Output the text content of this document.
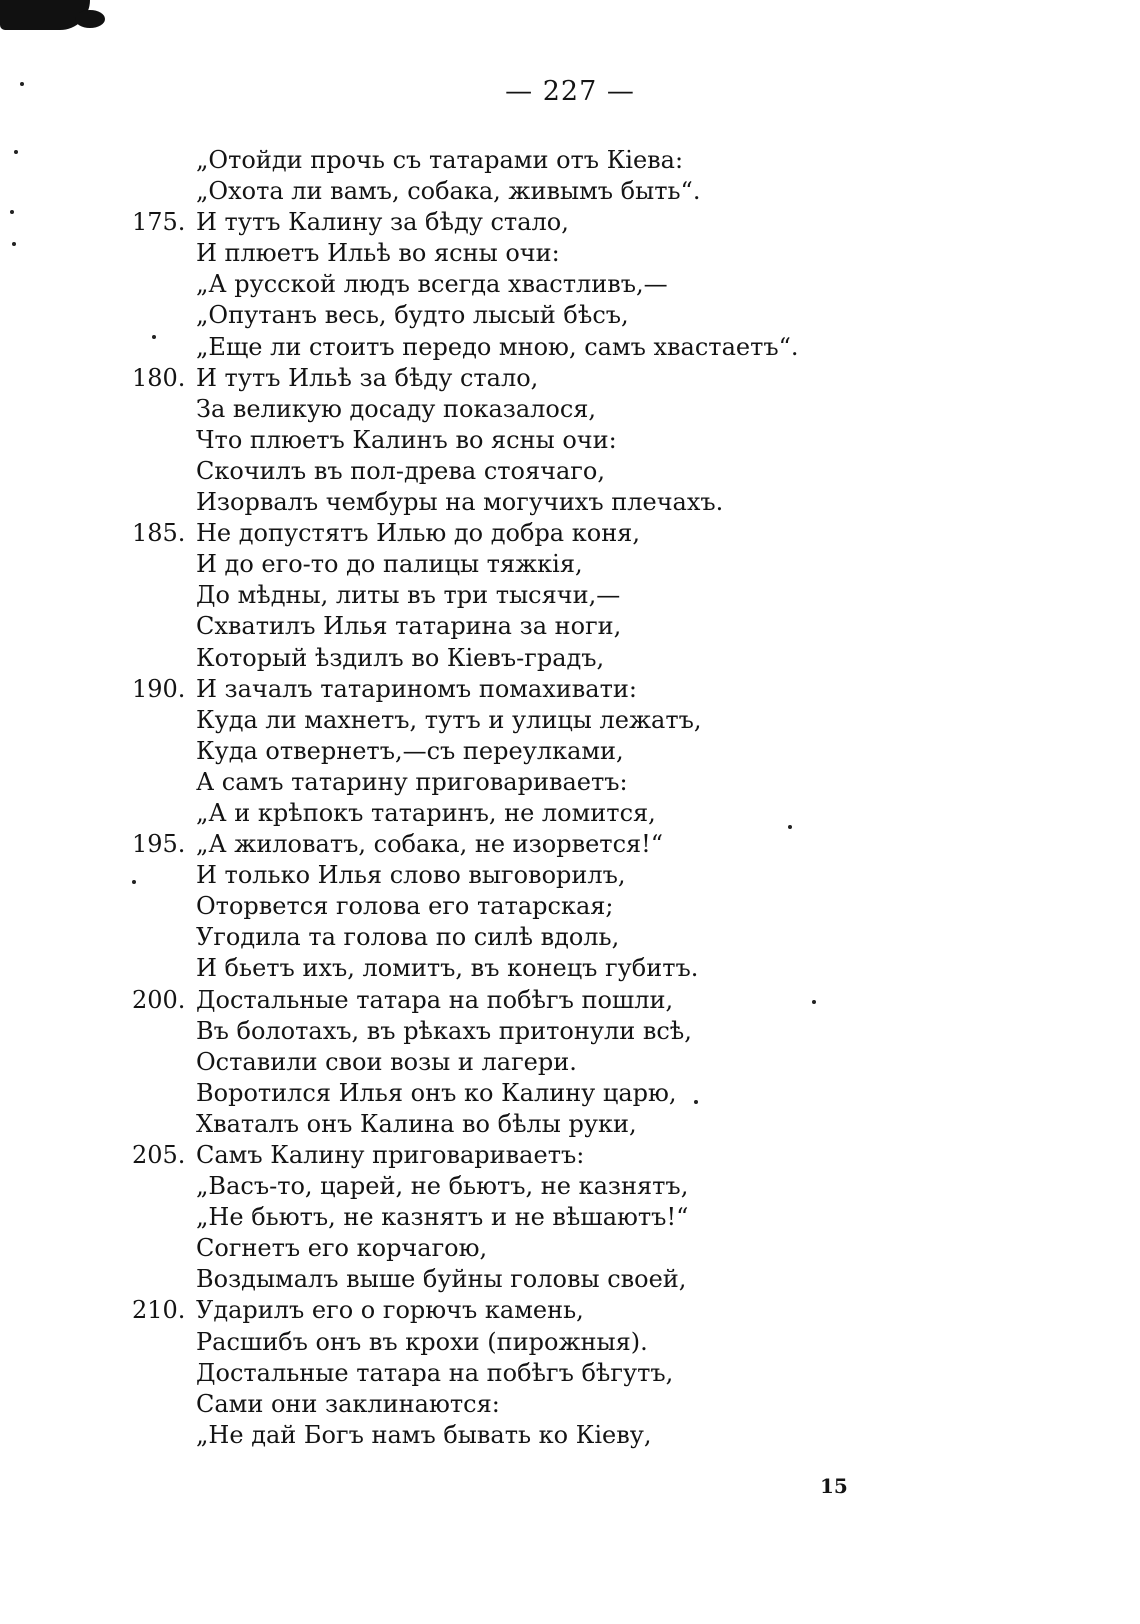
— 227 —
„Отойди прочь съ татарами отъ Кіева:
„Охота ли вамъ, собака, живымъ быть“.
175. И тутъ Калину за бѣду стало,
И плюетъ Ильѣ во ясны очи:
„А русской людъ всегда хвастливъ,—
„Опутанъ весь, будто лысый бѣсъ,
„Еще ли стоитъ передо мною, самъ хвастаетъ“.
180. И тутъ Ильѣ за бѣду стало,
За великую досаду показалося,
Что плюетъ Калинъ во ясны очи:
Скочилъ въ пол-древа стоячаго,
Изорвалъ чембуры на могучихъ плечахъ.
185. Не допустятъ Илью до добра коня,
И до его-то до палицы тяжкія,
До мѣдны, литы въ три тысячи,—
Схватилъ Илья татарина за ноги,
Который ѣздилъ во Кіевъ-градъ,
190. И зачалъ татариномъ помахивати:
Куда ли махнетъ, тутъ и улицы лежатъ,
Куда отвернетъ,—съ переулками,
А самъ татарину приговариваетъ:
„А и крѣпокъ татаринъ, не ломится,
195. „А жиловатъ, собака, не изорвется!“
И только Илья слово выговорилъ,
Оторвется голова его татарская;
Угодила та голова по силѣ вдоль,
И бьетъ ихъ, ломитъ, въ конецъ губитъ.
200. Достальные татара на побѣгъ пошли,
Въ болотахъ, въ рѣкахъ притонули всѣ,
Оставили свои возы и лагери.
Воротился Илья онъ ко Калину царю,
Хваталъ онъ Калина во бѣлы руки,
205. Самъ Калину приговариваетъ:
„Васъ-то, царей, не бьютъ, не казнятъ,
„Не бьютъ, не казнятъ и не вѣшаютъ!“
Согнетъ его корчагою,
Воздымалъ выше буйны головы своей,
210. Ударилъ его о горючъ камень,
Расшибъ онъ въ крохи (пирожныя).
Достальные татара на побѣгъ бѣгутъ,
Сами они заклинаются:
„Не дай Богъ намъ бывать ко Кіеву,
15
